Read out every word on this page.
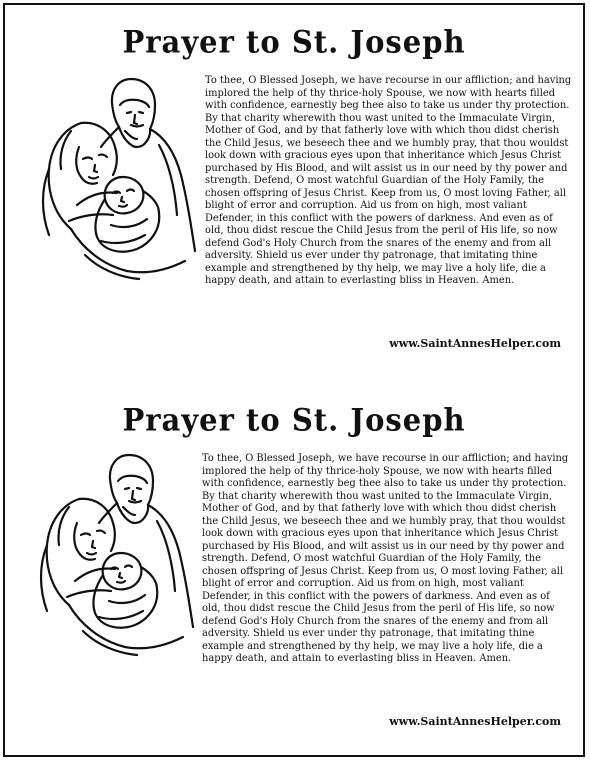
Prayer to St. Joseph

To thee, O Blessed Joseph, we have recourse in our affliction; and having implored the help of thy thrice-holy Spouse, we now with hearts filled with confidence, earnestly beg thee also to take us under thy protection. By that charity wherewith thou wast united to the Immaculate Virgin, Mother of God, and by that fatherly love with which thou didst cherish the Child Jesus, we beseech thee and we humbly pray, that thou wouldst look down with gracious eyes upon that inheritance which Jesus Christ purchased by His Blood, and wilt assist us in our need by thy power and strength. Defend, O most watchful Guardian of the Holy Family, the chosen offspring of Jesus Christ. Keep from us, O most loving Father, all blight of error and corruption. Aid us from on high, most valiant Defender, in this conflict with the powers of darkness. And even as of old, thou didst rescue the Child Jesus from the peril of His life, so now defend God's Holy Church from the snares of the enemy and from all adversity. Shield us ever under thy patronage, that imitating thine example and strengthened by thy help, we may live a holy life, die a happy death, and attain to everlasting bliss in Heaven. Amen.

www.SaintAnnesHelper.com

Prayer to St. Joseph

To thee, O Blessed Joseph, we have recourse in our affliction; and having implored the help of thy thrice-holy Spouse, we now with hearts filled with confidence, earnestly beg thee also to take us under thy protection. By that charity wherewith thou wast united to the Immaculate Virgin, Mother of God, and by that fatherly love with which thou didst cherish the Child Jesus, we beseech thee and we humbly pray, that thou wouldst look down with gracious eyes upon that inheritance which Jesus Christ purchased by His Blood, and wilt assist us in our need by thy power and strength. Defend, O most watchful Guardian of the Holy Family, the chosen offspring of Jesus Christ. Keep from us, O most loving Father, all blight of error and corruption. Aid us from on high, most valiant Defender, in this conflict with the powers of darkness. And even as of old, thou didst rescue the Child Jesus from the peril of His life, so now defend God's Holy Church from the snares of the enemy and from all adversity. Shield us ever under thy patronage, that imitating thine example and strengthened by thy help, we may live a holy life, die a happy death, and attain to everlasting bliss in Heaven. Amen.

www.SaintAnnesHelper.com
